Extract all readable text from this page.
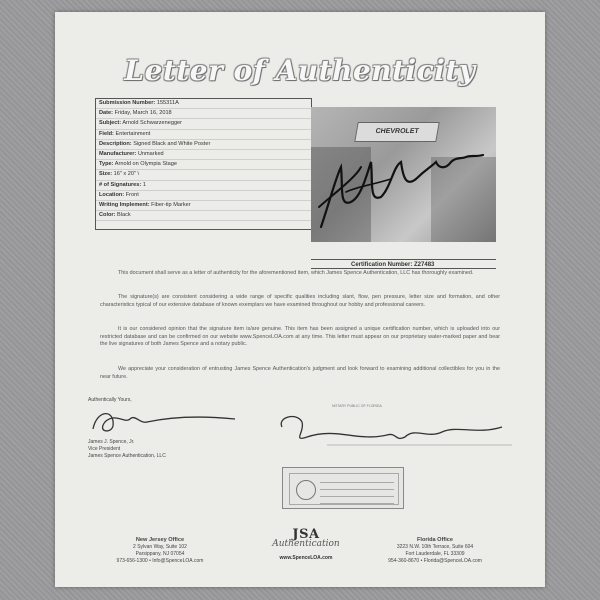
Letter of Authenticity
Submission Number: 155311A
Date: Friday, March 16, 2018
Subject: Arnold Schwarzenegger
Field: Entertainment
Description: Signed Black and White Poster
Manufacturer: Unmarked
Type: Arnold on Olympia Stage
Size: 16" x 20" \
# of Signatures: 1
Location: Front
Writing Implement: Fiber-tip Marker
Color: Black
CHEVROLET
Certification Number: Z27483
This document shall serve as a letter of authenticity for the aforementioned item, which James Spence Authentication, LLC has thoroughly examined.
The signature(s) are consistent considering a wide range of specific qualities including slant, flow, pen pressure, letter size and formation, and other characteristics typical of our extensive database of known exemplars we have examined throughout our hobby and professional careers.
It is our considered opinion that the signature item is/are genuine. This item has been assigned a unique certification number, which is uploaded into our restricted database and can be confirmed on our website www.SpenceLOA.com at any time. This letter must appear on our proprietary water-marked paper and bear the live signatures of both James Spence and a notary public.
We appreciate your consideration of entrusting James Spence Authentication's judgment and look forward to examining additional collectibles for you in the near future.
Authentically Yours,
James J. Spence, Jr.
Vice President
James Spence Authentication, LLC
NOTARY PUBLIC OF FLORIDA
New Jersey Office
2 Sylvan Way, Suite 102
Parsippany, NJ 07054
973-656-1300 • Info@SpenceLOA.com
JSA
Authentication
www.SpenceLOA.com
Florida Office
3223 N.W. 10th Terrace, Suite 604
Fort Lauderdale, FL 33309
954-360-8670 • Florida@SpenceLOA.com
